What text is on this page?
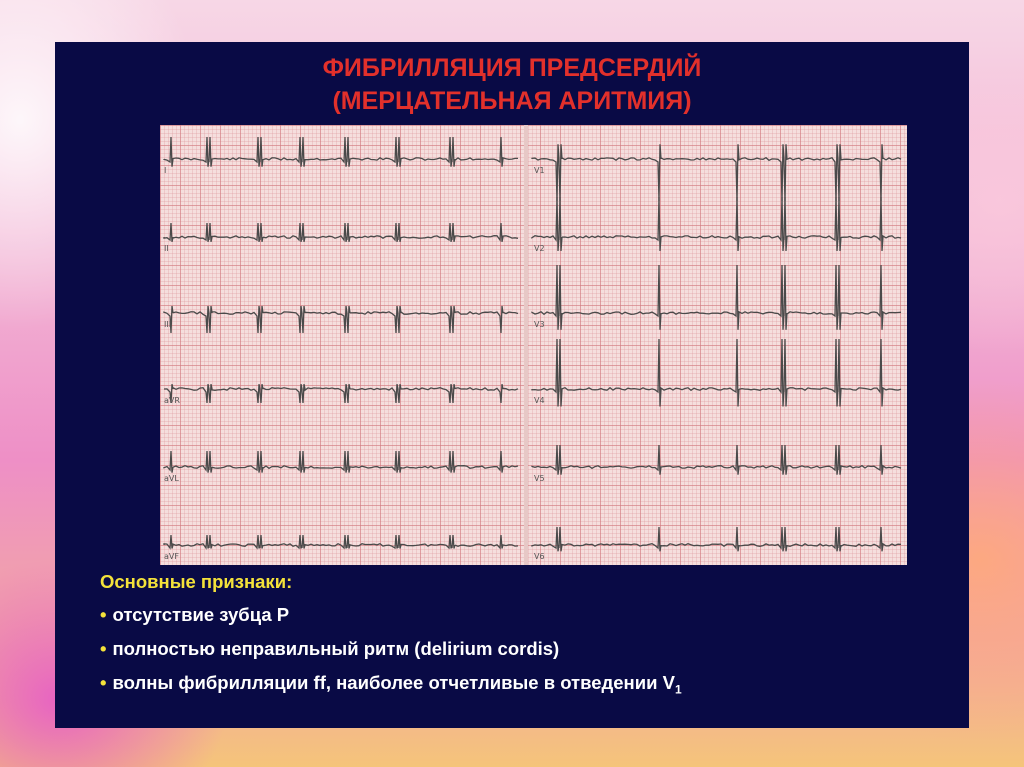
ФИБРИЛЛЯЦИЯ ПРЕДСЕРДИЙ
(МЕРЦАТЕЛЬНАЯ АРИТМИЯ)
I	V1
II	V2
III	V3
aVR	V4
aVL	V5
aVF	V6
Основные признаки:
• отсутствие зубца Р
• полностью неправильный ритм (delirium cordis)
• волны фибрилляции ff, наиболее отчетливые в отведении $V_1$
